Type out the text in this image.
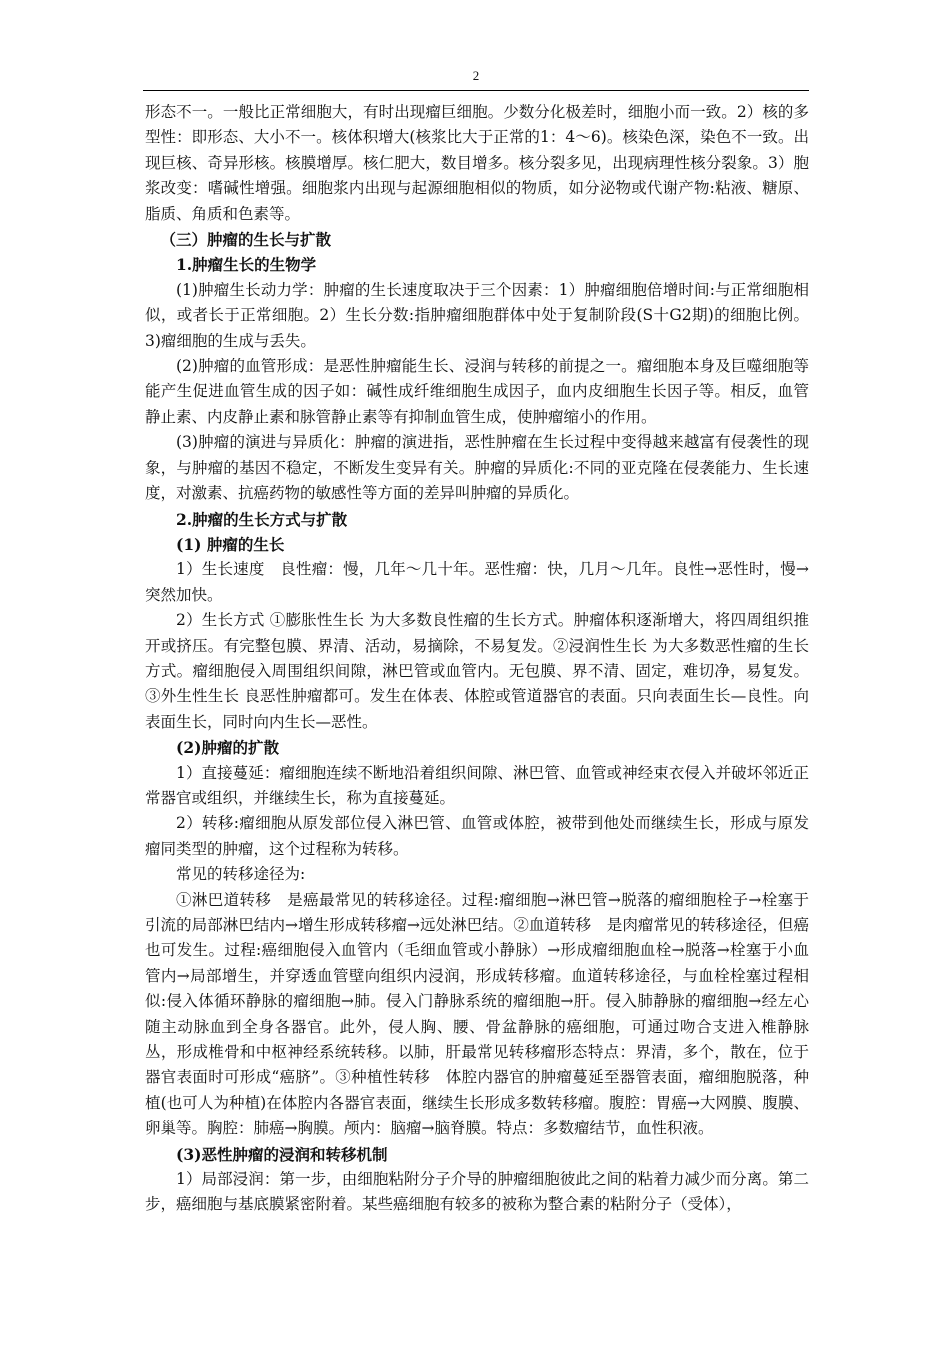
2

形态不一。一般比正常细胞大，有时出现瘤巨细胞。少数分化极差时，细胞小而一致。2）核的多型性：即形态、大小不一。核体积增大(核浆比大于正常的1：4～6)。核染色深，染色不一致。出现巨核、奇异形核。核膜增厚。核仁肥大，数目增多。核分裂多见，出现病理性核分裂象。3）胞浆改变：嗜碱性增强。细胞浆内出现与起源细胞相似的物质，如分泌物或代谢产物:粘液、糖原、脂质、角质和色素等。

（三）肿瘤的生长与扩散

1.肿瘤生长的生物学

(1)肿瘤生长动力学：肿瘤的生长速度取决于三个因素：1）肿瘤细胞倍增时间:与正常细胞相似，或者长于正常细胞。2）生长分数:指肿瘤细胞群体中处于复制阶段(S十G2期)的细胞比例。3)瘤细胞的生成与丢失。

(2)肿瘤的血管形成：是恶性肿瘤能生长、浸润与转移的前提之一。瘤细胞本身及巨噬细胞等能产生促进血管生成的因子如：碱性成纤维细胞生成因子，血内皮细胞生长因子等。相反，血管静止素、内皮静止素和脉管静止素等有抑制血管生成，使肿瘤缩小的作用。

(3)肿瘤的演进与异质化：肿瘤的演进指，恶性肿瘤在生长过程中变得越来越富有侵袭性的现象，与肿瘤的基因不稳定，不断发生变异有关。肿瘤的异质化:不同的亚克隆在侵袭能力、生长速度，对激素、抗癌药物的敏感性等方面的差异叫肿瘤的异质化。

2.肿瘤的生长方式与扩散

(1) 肿瘤的生长

1）生长速度　良性瘤：慢，几年～几十年。恶性瘤：快，几月～几年。良性→恶性时，慢→突然加快。

2）生长方式 ①膨胀性生长 为大多数良性瘤的生长方式。肿瘤体积逐渐增大，将四周组织推开或挤压。有完整包膜、界清、活动，易摘除，不易复发。②浸润性生长 为大多数恶性瘤的生长方式。瘤细胞侵入周围组织间隙，淋巴管或血管内。无包膜、界不清、固定，难切净，易复发。③外生性生长 良恶性肿瘤都可。发生在体表、体腔或管道器官的表面。只向表面生长—良性。向表面生长，同时向内生长—恶性。

(2)肿瘤的扩散

1）直接蔓延：瘤细胞连续不断地沿着组织间隙、淋巴管、血管或神经束衣侵入并破坏邻近正常器官或组织，并继续生长，称为直接蔓延。

2）转移:瘤细胞从原发部位侵入淋巴管、血管或体腔，被带到他处而继续生长，形成与原发瘤同类型的肿瘤，这个过程称为转移。

常见的转移途径为:

①淋巴道转移　是癌最常见的转移途径。过程:瘤细胞→淋巴管→脱落的瘤细胞栓子→栓塞于引流的局部淋巴结内→增生形成转移瘤→远处淋巴结。②血道转移　是肉瘤常见的转移途径，但癌也可发生。过程:癌细胞侵入血管内（毛细血管或小静脉）→形成瘤细胞血栓→脱落→栓塞于小血管内→局部增生，并穿透血管壁向组织内浸润，形成转移瘤。血道转移途径，与血栓栓塞过程相似:侵入体循环静脉的瘤细胞→肺。侵入门静脉系统的瘤细胞→肝。侵入肺静脉的瘤细胞→经左心随主动脉血到全身各器官。此外，侵人胸、腰、骨盆静脉的癌细胞，可通过吻合支进入椎静脉丛，形成椎骨和中枢神经系统转移。以肺，肝最常见转移瘤形态特点：界清，多个，散在，位于器官表面时可形成“癌脐”。③种植性转移　体腔内器官的肿瘤蔓延至器管表面，瘤细胞脱落，种植(也可人为种植)在体腔内各器官表面，继续生长形成多数转移瘤。腹腔：胃癌→大网膜、腹膜、卵巢等。胸腔：肺癌→胸膜。颅内：脑瘤→脑脊膜。特点：多数瘤结节，血性积液。

(3)恶性肿瘤的浸润和转移机制

1）局部浸润：第一步，由细胞粘附分子介导的肿瘤细胞彼此之间的粘着力减少而分离。第二步，癌细胞与基底膜紧密附着。某些癌细胞有较多的被称为整合素的粘附分子（受体），
